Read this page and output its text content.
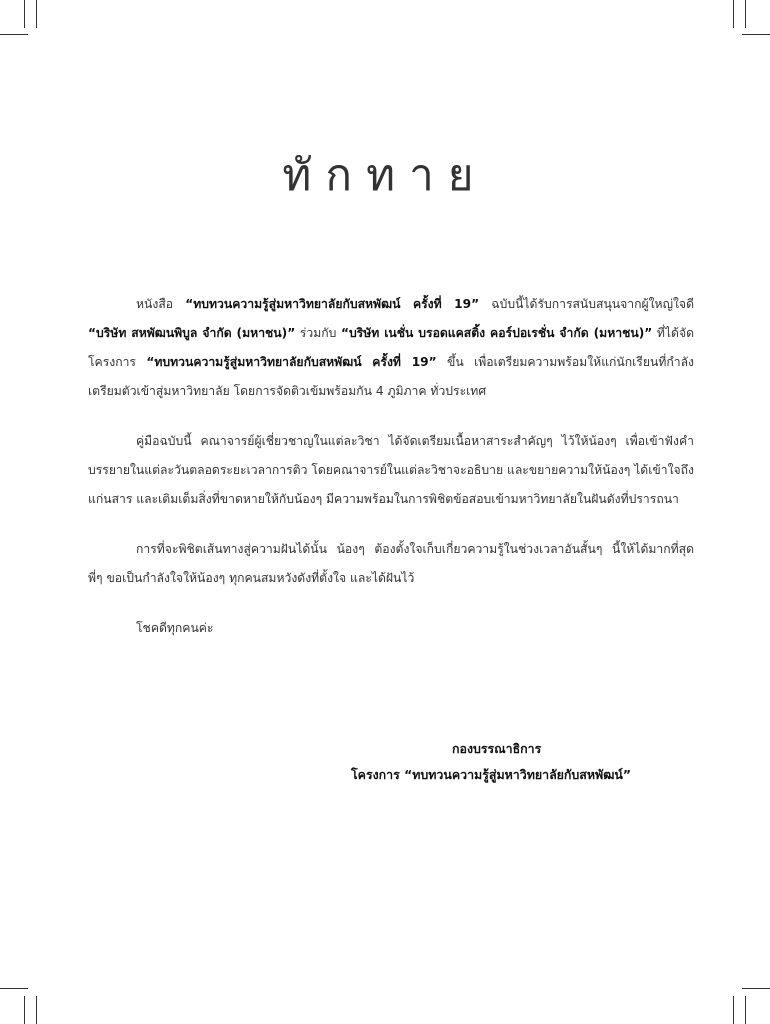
ทักทาย

หนังสือ “ทบทวนความรู้สู่มหาวิทยาลัยกับสหพัฒน์ ครั้งที่ 19” ฉบับนี้ได้รับการสนับสนุนจากผู้ใหญ่ใจดี “บริษัท สหพัฒนพิบูล จำกัด (มหาชน)” ร่วมกับ “บริษัท เนชั่น บรอดแคสติ้ง คอร์ปอเรชั่น จำกัด (มหาชน)” ที่ได้จัดโครงการ “ทบทวนความรู้สู่มหาวิทยาลัยกับสหพัฒน์ ครั้งที่ 19” ขึ้น เพื่อเตรียมความพร้อมให้แก่นักเรียนที่กำลังเตรียมตัวเข้าสู่มหาวิทยาลัย โดยการจัดติวเข้มพร้อมกัน 4 ภูมิภาค ทั่วประเทศ

คู่มือฉบับนี้ คณาจารย์ผู้เชี่ยวชาญในแต่ละวิชา ได้จัดเตรียมเนื้อหาสาระสำคัญๆ ไว้ให้น้องๆ เพื่อเข้าฟังคำบรรยายในแต่ละวันตลอดระยะเวลาการติว โดยคณาจารย์ในแต่ละวิชาจะอธิบาย และขยายความให้น้องๆ ได้เข้าใจถึงแก่นสาร และเติมเต็มสิ่งที่ขาดหายให้กับน้องๆ มีความพร้อมในการพิชิตข้อสอบเข้ามหาวิทยาลัยในฝันดังที่ปรารถนา

การที่จะพิชิตเส้นทางสู่ความฝันได้นั้น น้องๆ ต้องตั้งใจเก็บเกี่ยวความรู้ในช่วงเวลาอันสั้นๆ นี้ให้ได้มากที่สุด พี่ๆ ขอเป็นกำลังใจให้น้องๆ ทุกคนสมหวังดังที่ตั้งใจ และได้ฝันไว้

โชคดีทุกคนค่ะ

กองบรรณาธิการ
โครงการ “ทบทวนความรู้สู่มหาวิทยาลัยกับสหพัฒน์”
